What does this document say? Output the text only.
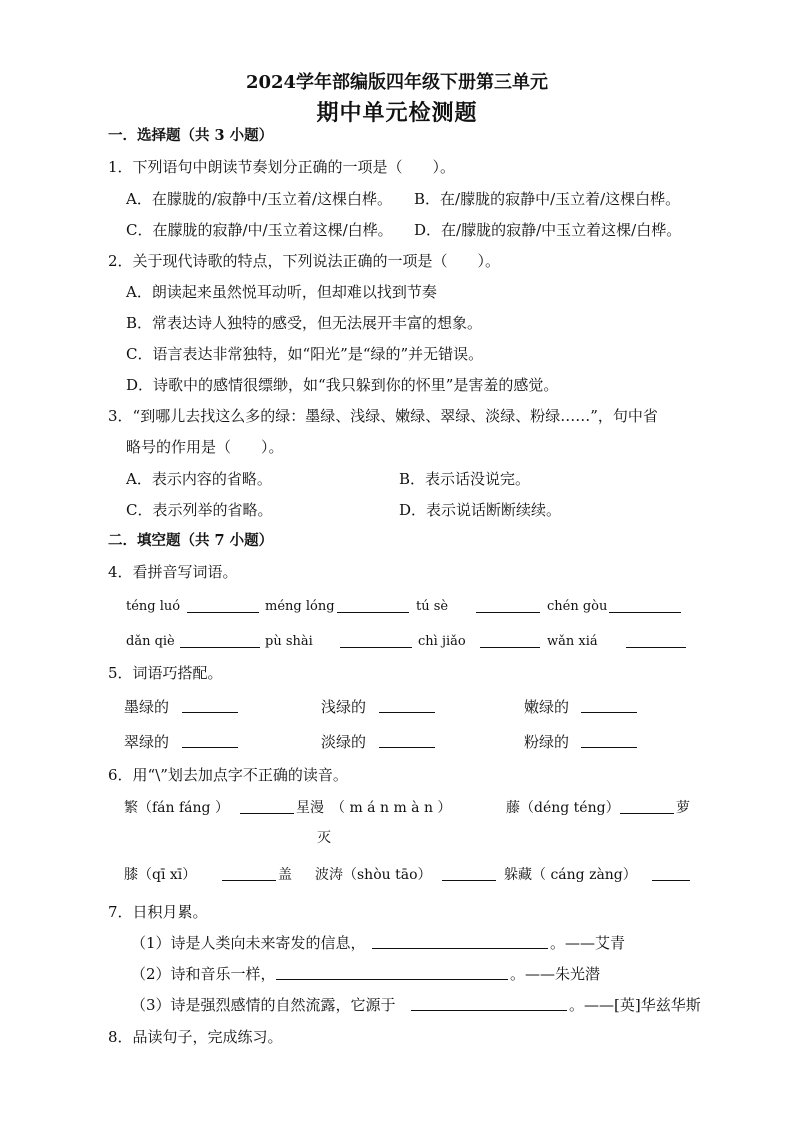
2024学年部编版四年级下册第三单元
期中单元检测题
一．选择题（共 3 小题）
1．下列语句中朗读节奏划分正确的一项是（　　）。
A．在朦胧的/寂静中/玉立着/这棵白桦。 B．在/朦胧的寂静中/玉立着/这棵白桦。
C．在朦胧的寂静/中/玉立着这棵/白桦。 D．在/朦胧的寂静/中玉立着这棵/白桦。
2．关于现代诗歌的特点，下列说法正确的一项是（　　）。
A．朗读起来虽然悦耳动听，但却难以找到节奏
B．常表达诗人独特的感受，但无法展开丰富的想象。
C．语言表达非常独特，如“阳光”是“绿的”并无错误。
D．诗歌中的感情很缥缈，如“我只躲到你的怀里”是害羞的感觉。
3．“到哪儿去找这么多的绿：墨绿、浅绿、嫩绿、翠绿、淡绿、粉绿……”，句中省
略号的作用是（　　）。
A．表示内容的省略。	B．表示话没说完。
C．表示列举的省略。	D．表示说话断断续续。
二．填空题（共 7 小题）
4．看拼音写词语。
téng luó	méng lóng	tú sè	chén gòu
dǎn qiè	pù shài	chì jiǎo	wǎn xiá
5．词语巧搭配。
墨绿的	浅绿的	嫩绿的
翠绿的	淡绿的	粉绿的
6．用“\”划去加点字不正确的读音。
繁（fán fáng ）	星漫　（ m á n m à n ）	藤（déng téng）	萝
灭
膝（qī xī）	盖 波涛（shòu tāo）	躲藏（ cáng zàng）
7．日积月累。
（1）诗是人类向未来寄发的信息，	。——艾青
（2）诗和音乐一样，	。——朱光潜
（3）诗是强烈感情的自然流露，它源于	。——[英]华兹华斯
8．品读句子，完成练习。
